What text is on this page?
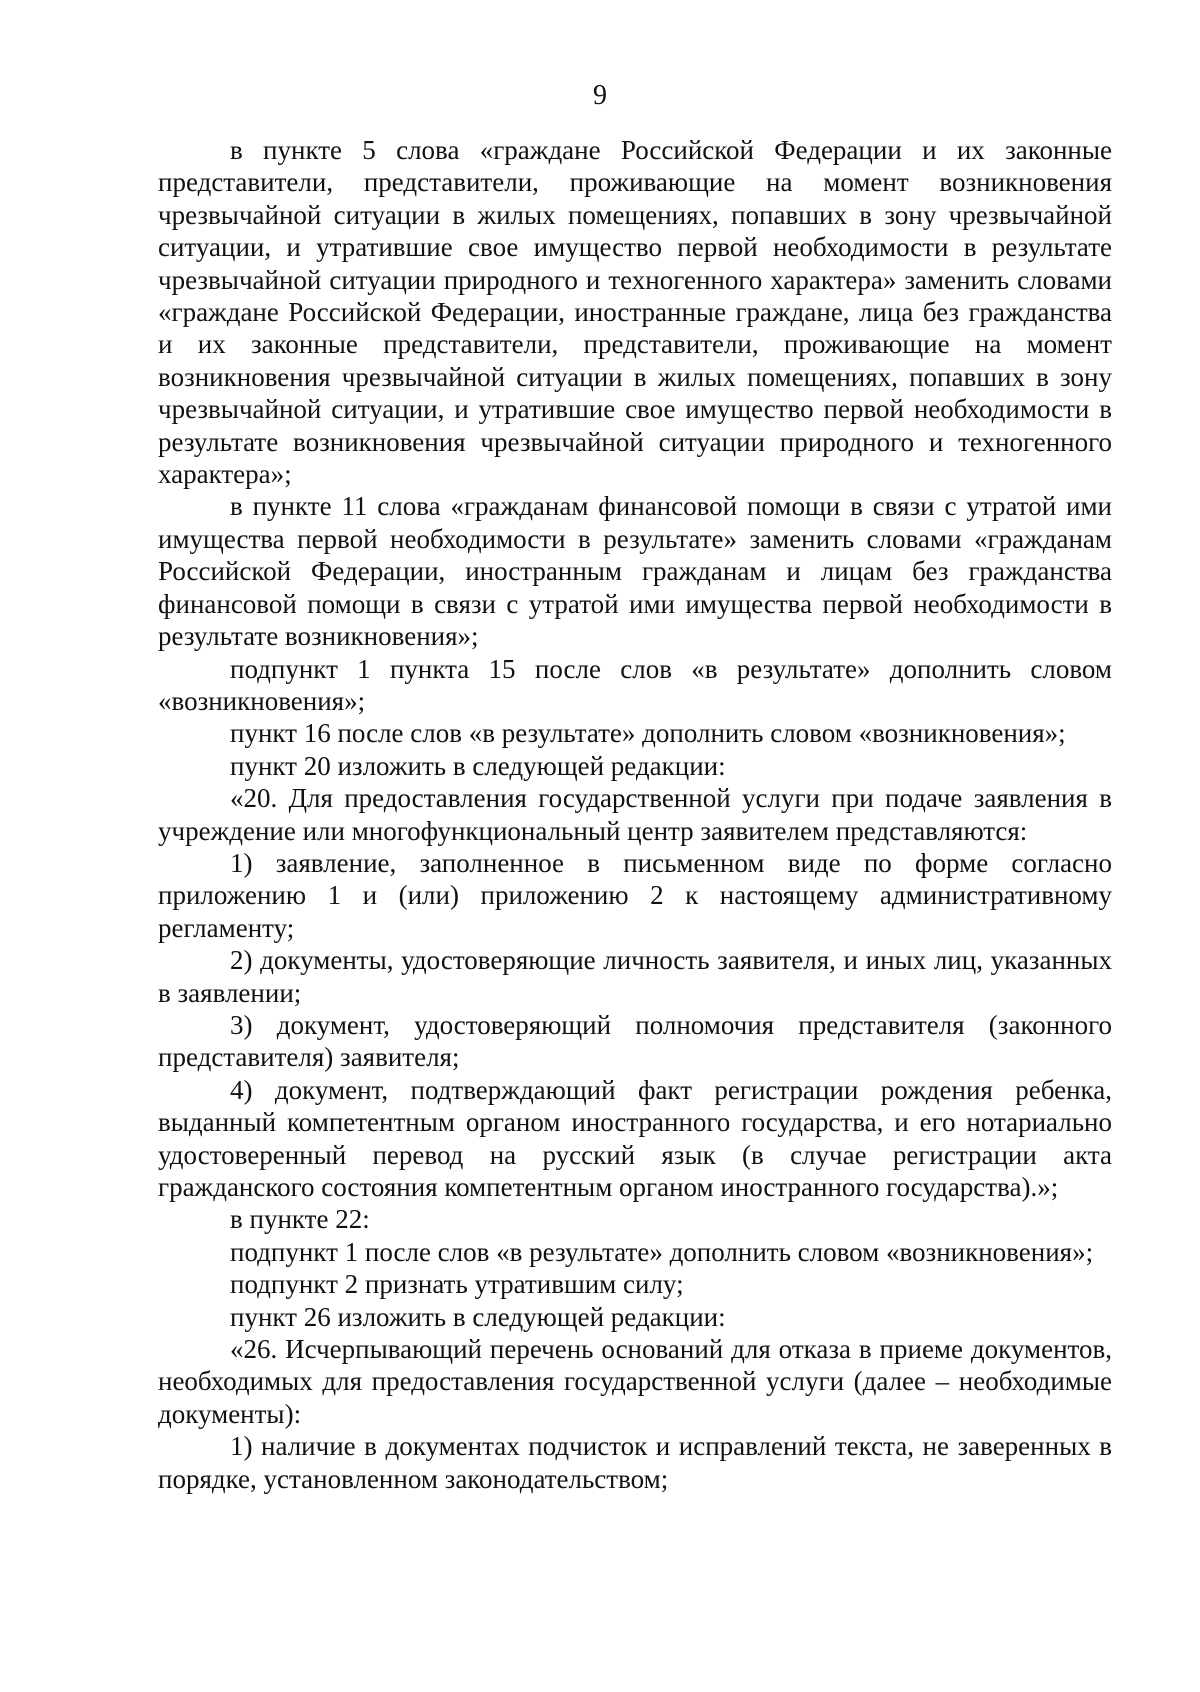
9

в пункте 5 слова «граждане Российской Федерации и их законные представители, представители, проживающие на момент возникновения чрезвычайной ситуации в жилых помещениях, попавших в зону чрезвычайной ситуации, и утратившие свое имущество первой необходимости в результате чрезвычайной ситуации природного и техногенного характера» заменить словами «граждане Российской Федерации, иностранные граждане, лица без гражданства и их законные представители, представители, проживающие на момент возникновения чрезвычайной ситуации в жилых помещениях, попавших в зону чрезвычайной ситуации, и утратившие свое имущество первой необходимости в результате возникновения чрезвычайной ситуации природного и техногенного характера»;

в пункте 11 слова «гражданам финансовой помощи в связи с утратой ими имущества первой необходимости в результате» заменить словами «гражданам Российской Федерации, иностранным гражданам и лицам без гражданства финансовой помощи в связи с утратой ими имущества первой необходимости в результате возникновения»;

подпункт 1 пункта 15 после слов «в результате» дополнить словом «возникновения»;

пункт 16 после слов «в результате» дополнить словом «возникновения»;

пункт 20 изложить в следующей редакции:

«20. Для предоставления государственной услуги при подаче заявления в учреждение или многофункциональный центр заявителем представляются:

1) заявление, заполненное в письменном виде по форме согласно приложению 1 и (или) приложению 2 к настоящему административному регламенту;

2) документы, удостоверяющие личность заявителя, и иных лиц, указанных в заявлении;

3) документ, удостоверяющий полномочия представителя (законного представителя) заявителя;

4) документ, подтверждающий факт регистрации рождения ребенка, выданный компетентным органом иностранного государства, и его нотариально удостоверенный перевод на русский язык (в случае регистрации акта гражданского состояния компетентным органом иностранного государства).»;

в пункте 22:

подпункт 1 после слов «в результате» дополнить словом «возникновения»;

подпункт 2 признать утратившим силу;

пункт 26 изложить в следующей редакции:

«26. Исчерпывающий перечень оснований для отказа в приеме документов, необходимых для предоставления государственной услуги (далее – необходимые документы):

1) наличие в документах подчисток и исправлений текста, не заверенных в порядке, установленном законодательством;
